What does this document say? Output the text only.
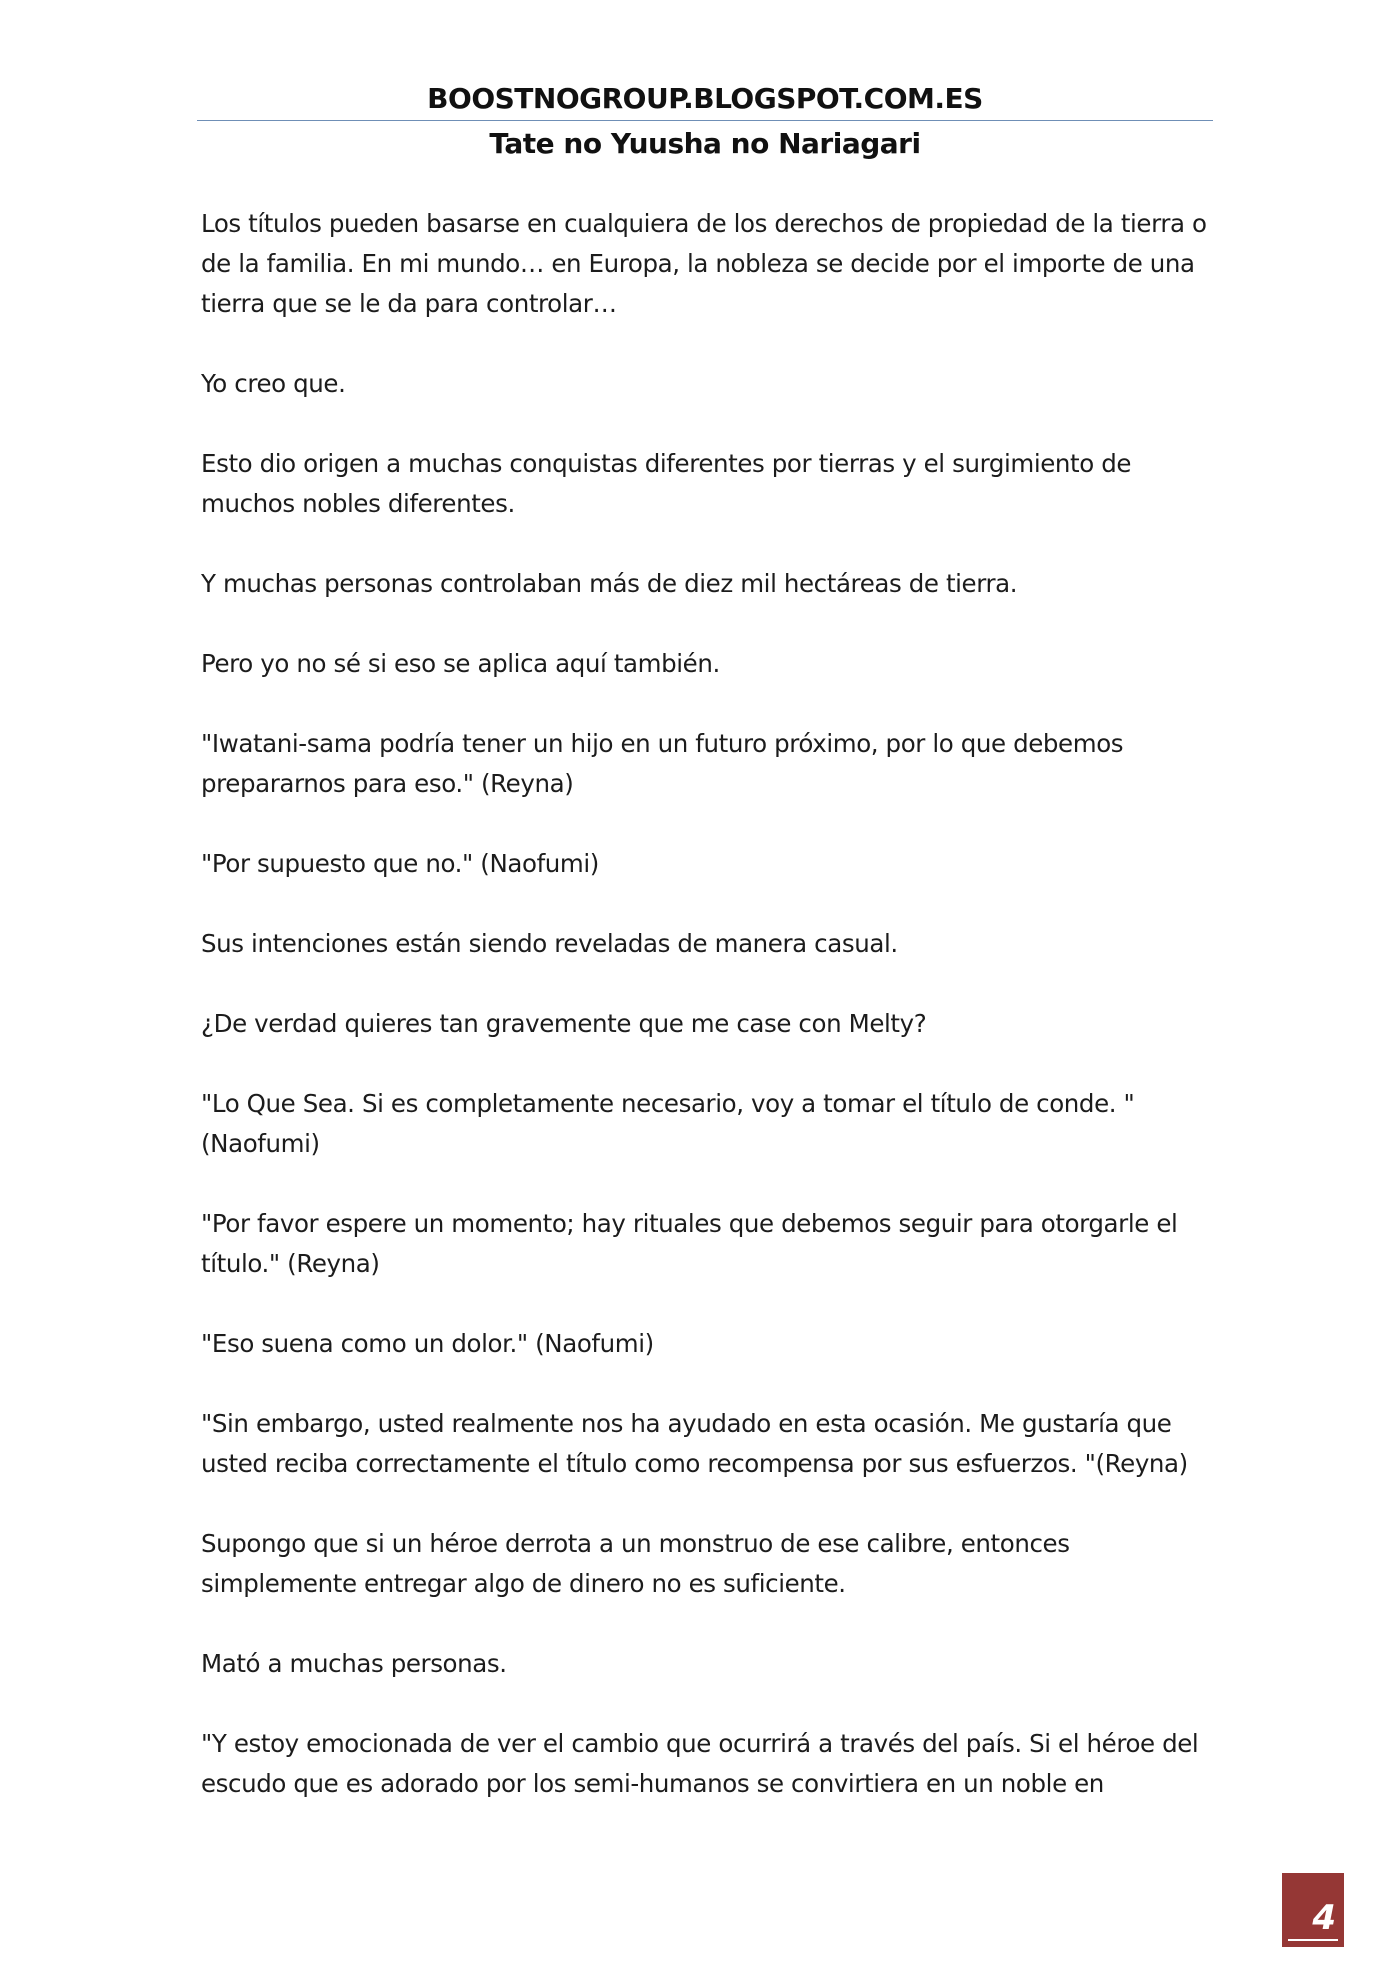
BOOSTNOGROUP.BLOGSPOT.COM.ES
Tate no Yuusha no Nariagari

Los títulos pueden basarse en cualquiera de los derechos de propiedad de la tierra o de la familia. En mi mundo… en Europa, la nobleza se decide por el importe de una tierra que se le da para controlar…

Yo creo que.

Esto dio origen a muchas conquistas diferentes por tierras y el surgimiento de muchos nobles diferentes.

Y muchas personas controlaban más de diez mil hectáreas de tierra.

Pero yo no sé si eso se aplica aquí también.

"Iwatani-sama podría tener un hijo en un futuro próximo, por lo que debemos prepararnos para eso." (Reyna)

"Por supuesto que no." (Naofumi)

Sus intenciones están siendo reveladas de manera casual.

¿De verdad quieres tan gravemente que me case con Melty?

"Lo Que Sea. Si es completamente necesario, voy a tomar el título de conde. "(Naofumi)

"Por favor espere un momento; hay rituales que debemos seguir para otorgarle el título." (Reyna)

"Eso suena como un dolor." (Naofumi)

"Sin embargo, usted realmente nos ha ayudado en esta ocasión. Me gustaría que usted reciba correctamente el título como recompensa por sus esfuerzos. "(Reyna)

Supongo que si un héroe derrota a un monstruo de ese calibre, entonces simplemente entregar algo de dinero no es suficiente.

Mató a muchas personas.

"Y estoy emocionada de ver el cambio que ocurrirá a través del país. Si el héroe del escudo que es adorado por los semi-humanos se convirtiera en un noble en

4
